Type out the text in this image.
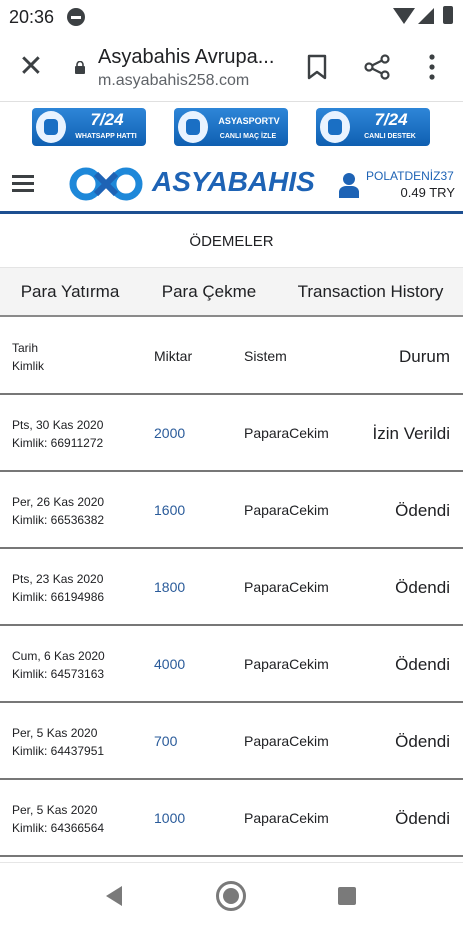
20:36
✕	Asyabahis Avrupa...
m.asyabahis258.com
7/24
WHATSAPP HATTI
ASYASPORTV
CANLI MAÇ İZLE
7/24
CANLI DESTEK
ASYABAHIS	POLATDENİZ37
0.49 TRY
ÖDEMELER
Para Yatırma	Para Çekme	Transaction History
Tarih
Kimlik
Miktar	Sistem	Durum
Pts, 30 Kas 2020
Kimlik: 66911272
2000	PaparaCekim	İzin Verildi
Per, 26 Kas 2020
Kimlik: 66536382
1600	PaparaCekim	Ödendi
Pts, 23 Kas 2020
Kimlik: 66194986
1800	PaparaCekim	Ödendi
Cum, 6 Kas 2020
Kimlik: 64573163
4000	PaparaCekim	Ödendi
Per, 5 Kas 2020
Kimlik: 64437951
700	PaparaCekim	Ödendi
Per, 5 Kas 2020
Kimlik: 64366564
1000	PaparaCekim	Ödendi
